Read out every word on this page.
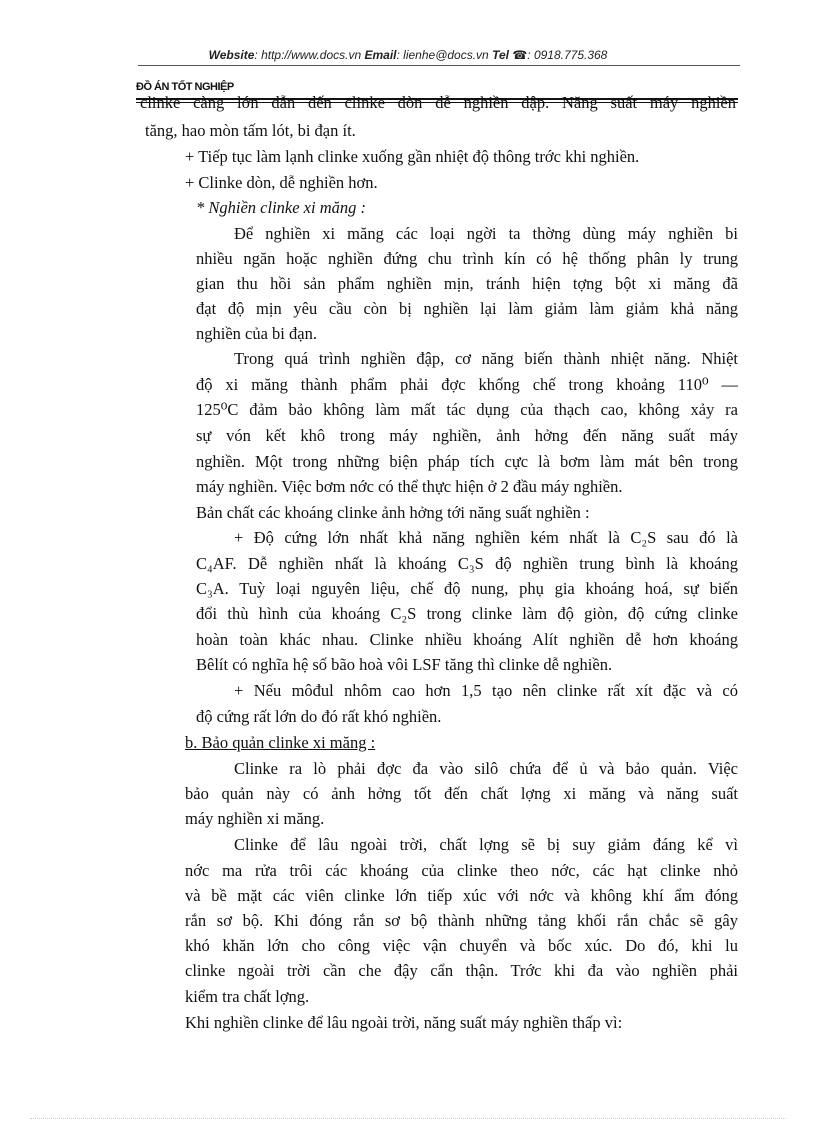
Website: http://www.docs.vn Email: lienhe@docs.vn Tel ☎: 0918.775.368
ĐỒ ÁN TỐT NGHIỆP
clinke càng lớn dẫn đến clinke dòn dễ nghiền đập. Năng suất máy nghiền
tăng, hao mòn tấm lót, bi đạn ít.
+ Tiếp tục làm lạnh clinke xuống gần nhiệt độ thông trớc khi nghiền.
+ Clinke dòn, dễ nghiền hơn.
* Nghiền clinke xi măng :
Để nghiền xi măng các loại ngời ta thờng dùng máy nghiền bi
nhiều ngăn hoặc nghiền đứng chu trình kín có hệ thống phân ly trung
gian thu hồi sản phẩm nghiền mịn, tránh hiện tợng bột xi măng đã
đạt độ mịn yêu cầu còn bị nghiền lại làm giảm làm giảm khả năng
nghiền của bi đạn.
Trong quá trình nghiền đập, cơ năng biến thành nhiệt năng. Nhiệt
độ xi măng thành phẩm phải đợc khống chế trong khoảng 110⁰ —
125⁰C đảm bảo không làm mất tác dụng của thạch cao, không xảy ra
sự vón kết khô trong máy nghiền, ảnh hởng đến năng suất máy
nghiền. Một trong những biện pháp tích cực là bơm làm mát bên trong
máy nghiền. Việc bơm nớc có thể thực hiện ở 2 đầu máy nghiền.
Bản chất các khoáng clinke ảnh hởng tới năng suất nghiền :
+ Độ cứng lớn nhất khả năng nghiền kém nhất là C₂S sau đó là
C₄AF. Dễ nghiền nhất là khoáng C₃S độ nghiền trung bình là khoáng
C₃A. Tuỳ loại nguyên liệu, chế độ nung, phụ gia khoáng hoá, sự biến
đổi thù hình của khoáng C₂S trong clinke làm độ giòn, độ cứng clinke
hoàn toàn khác nhau. Clinke nhiều khoáng Alít nghiền dễ hơn khoáng
Bêlít có nghĩa hệ số bão hoà vôi LSF tăng thì clinke dễ nghiền.
+ Nếu môđul nhôm cao hơn 1,5 tạo nên clinke rất xít đặc và có
độ cứng rất lớn do đó rất khó nghiền.
b. Bảo quản clinke xi măng :
Clinke ra lò phải đợc đa vào silô chứa để ủ và bảo quản. Việc
bảo quản này có ảnh hởng tốt đến chất lợng xi măng và năng suất
máy nghiền xi măng.
Clinke để lâu ngoài trời, chất lợng sẽ bị suy giảm đáng kể vì
nớc ma rửa trôi các khoáng của clinke theo nớc, các hạt clinke nhỏ
và bề mặt các viên clinke lớn tiếp xúc với nớc và không khí ẩm đóng
rắn sơ bộ. Khi đóng rắn sơ bộ thành những tảng khối rắn chắc sẽ gây
khó khăn lớn cho công việc vận chuyển và bốc xúc. Do đó, khi lu
clinke ngoài trời cần che đậy cẩn thận. Trớc khi đa vào nghiền phải
kiểm tra chất lợng.
Khi nghiền clinke để lâu ngoài trời, năng suất máy nghiền thấp vì:
